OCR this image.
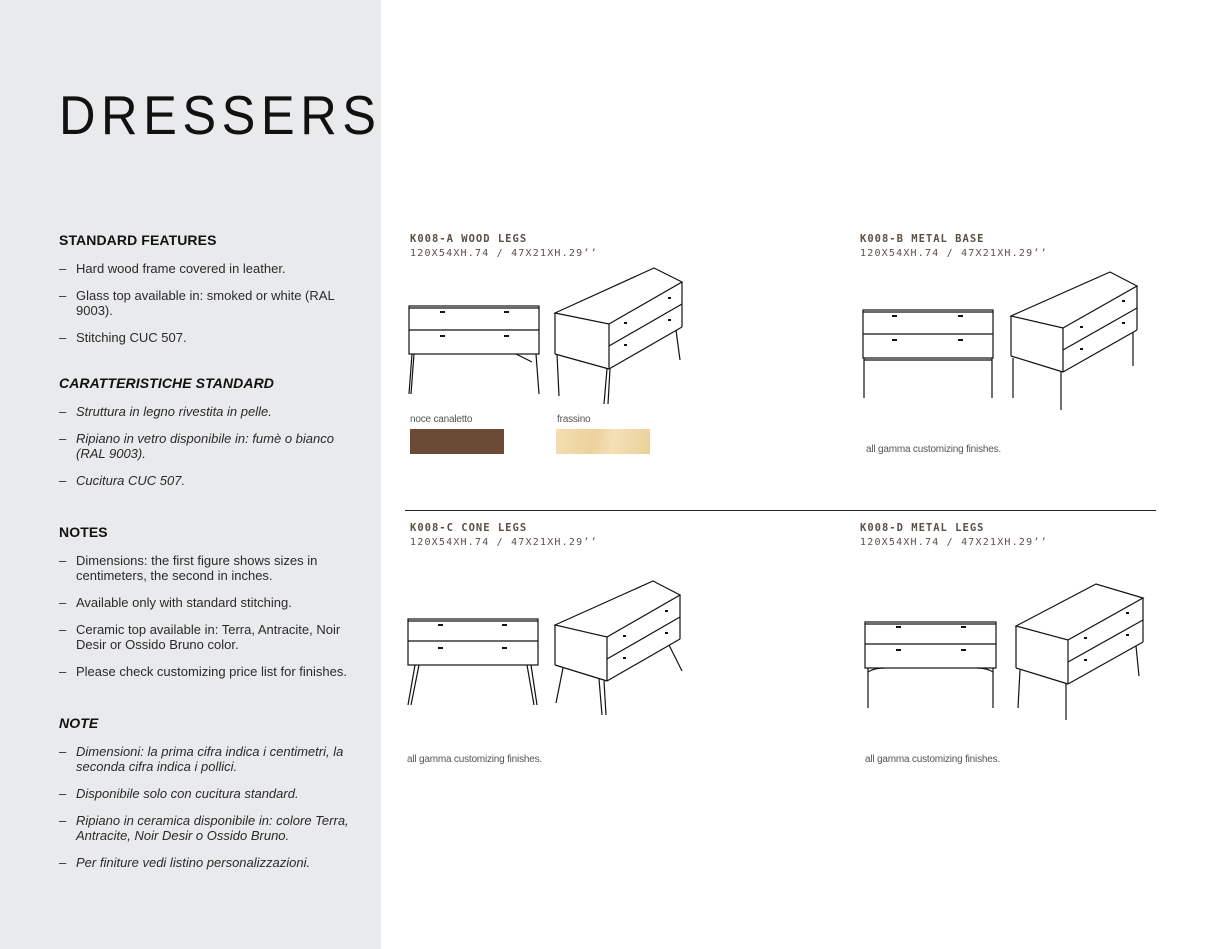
DRESSERS
STANDARD FEATURES
– Hard wood frame covered in leather.
– Glass top available in: smoked or white (RAL 9003).
– Stitching CUC 507.
CARATTERISTICHE STANDARD
– Struttura in legno rivestita in pelle.
– Ripiano in vetro disponibile in: fumè o bianco (RAL 9003).
– Cucitura CUC 507.
NOTES
– Dimensions: the first figure shows sizes in centimeters, the second in inches.
– Available only with standard stitching.
– Ceramic top available in: Terra, Antracite, Noir Desir or Ossido Bruno color.
– Please check customizing price list for finishes.
NOTE
– Dimensioni: la prima cifra indica i centimetri, la seconda cifra indica i pollici.
– Disponibile solo con cucitura standard.
– Ripiano in ceramica disponibile in: colore Terra, Antracite, Noir Desir o Ossido Bruno.
– Per finiture vedi listino personalizzazioni.
K008-A WOOD LEGS
120X54XH.74 / 47X21XH.29’’
noce canaletto	frassino
K008-B METAL BASE
120X54XH.74 / 47X21XH.29’’
all gamma customizing finishes.
K008-C CONE LEGS
120X54XH.74 / 47X21XH.29’’
all gamma customizing finishes.
K008-D METAL LEGS
120X54XH.74 / 47X21XH.29’’
all gamma customizing finishes.
